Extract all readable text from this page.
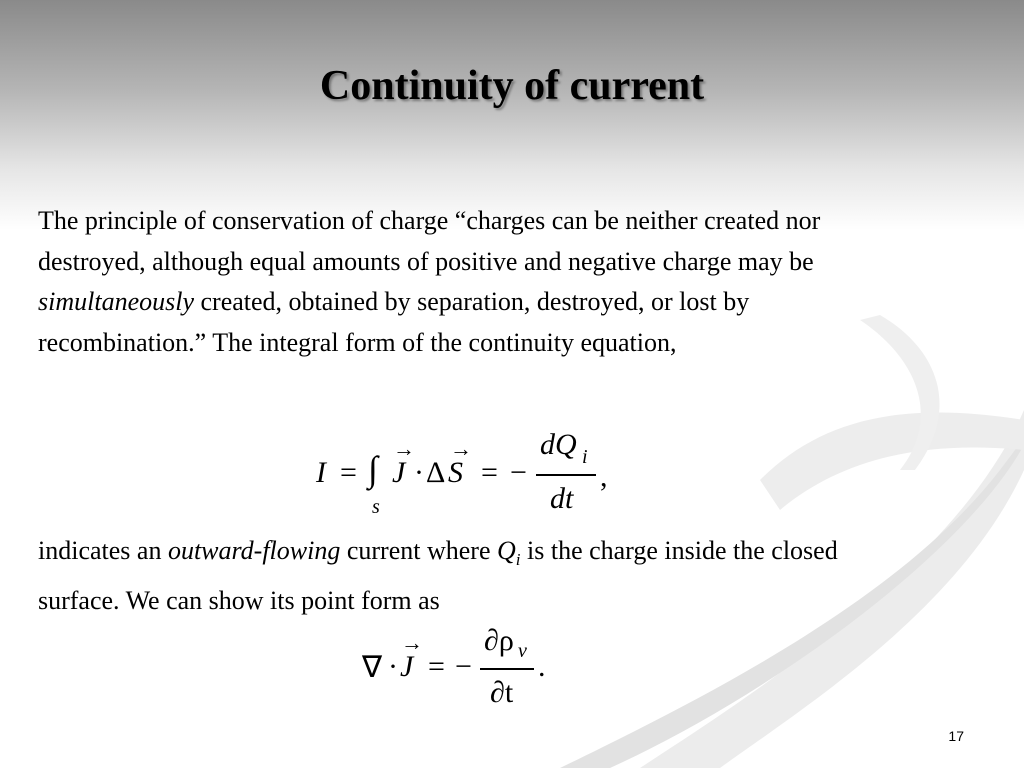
Continuity of current

The principle of conservation of charge “charges can be neither created nor destroyed, although equal amounts of positive and negative charge may be simultaneously created, obtained by separation, destroyed, or lost by recombination.” The integral form of the continuity equation,

I = ∫
s
J
→
· Δ S
→
= −
dQ i
dt
,

indicates an outward-flowing current where $Q_i$ is the charge inside the closed surface. We can show its point form as

∇ · J
→
= −
∂ρ v
∂t
.
17
